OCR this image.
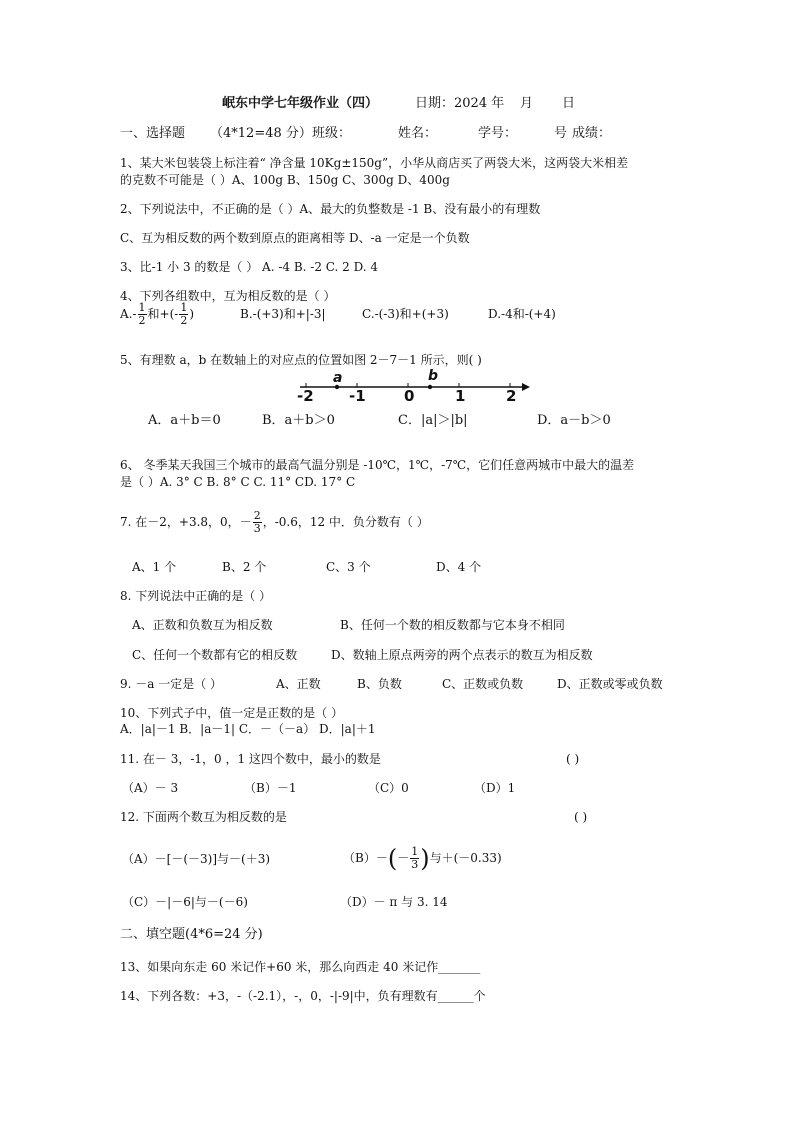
岷东中学七年级作业（四）	日期：2024 年 月 日
一、选择题 （4*12=48 分） 班级：	姓名：	学号：	号 成绩：
1、某大米包装袋上标注着“ 净含量 10Kg±150g”，小华从商店买了两袋大米，这两袋大米相差
的克数不可能是（ ）A、100g B、150g C、300g D、400g
2、下列说法中，不正确的是（ ）A、最大的负整数是 -1 B、没有最小的有理数
C、互为相反数的两个数到原点的距离相等 D、-a 一定是一个负数
3、比-1 小 3 的数是（ ） A. -4 B. -2 C. 2 D. 4
4、下列各组数中，互为相反数的是（ ）
$A.- \frac{1}{2}$ 和+(- $\frac{1}{2}$ )	B.-(+3)和+|-3|	C.-(-3)和+(+3)	D.-4和-(+4)
5、有理数 a，b 在数轴上的对应点的位置如图 2－7－1 所示，则( )
a	b
-2 -1	0	1	2
A．a＋b＝0	B．a＋b＞0	C．|a|＞|b|	D．a－b＞0
6、 冬季某天我国三个城市的最高气温分别是 -10℃，1℃，-7℃，它们任意两城市中最大的温差
是（ ）A. 3° C B. 8° C C. 11° CD. 17° C
7. 在－2，+3.8，0，－ $\frac{2}{3}$ ，-0.6，12 中．负分数有（ ）
A、1 个	B、2 个	C、3 个	D、4 个
8. 下列说法中正确的是（ ）
A、正数和负数互为相反数	B、任何一个数的相反数都与它本身不相同
C、任何一个数都有它的相反数	D、数轴上原点两旁的两个点表示的数互为相反数
9. －a 一定是（ ）	A、正数	B、负数	C、正数或负数	D、正数或零或负数
10、下列式子中，值一定是正数的是（ ）
A．|a|－1 B．|a－1| C．－（－a） D．|a|＋1
11. 在－ 3，-1，0 ，1 这四个数中，最小的数是	( )
（A）－ 3	（B）－1	（C）0	（D）1
12. 下面两个数互为相反数的是	( )
（A）－[－(－3)]与－(＋3)	$(B)-(- \frac{1}{3}$ )与＋(－0.33)
（C）－|－6|与－(－6)	（D）－ π 与 3. 14
二、填空题(4*6=24 分)
13、如果向东走 60 米记作+60 米，那么向西走 40 米记作_______
14、下列各数：+3，-（-2.1），-，0，-|-9|中，负有理数有______个
